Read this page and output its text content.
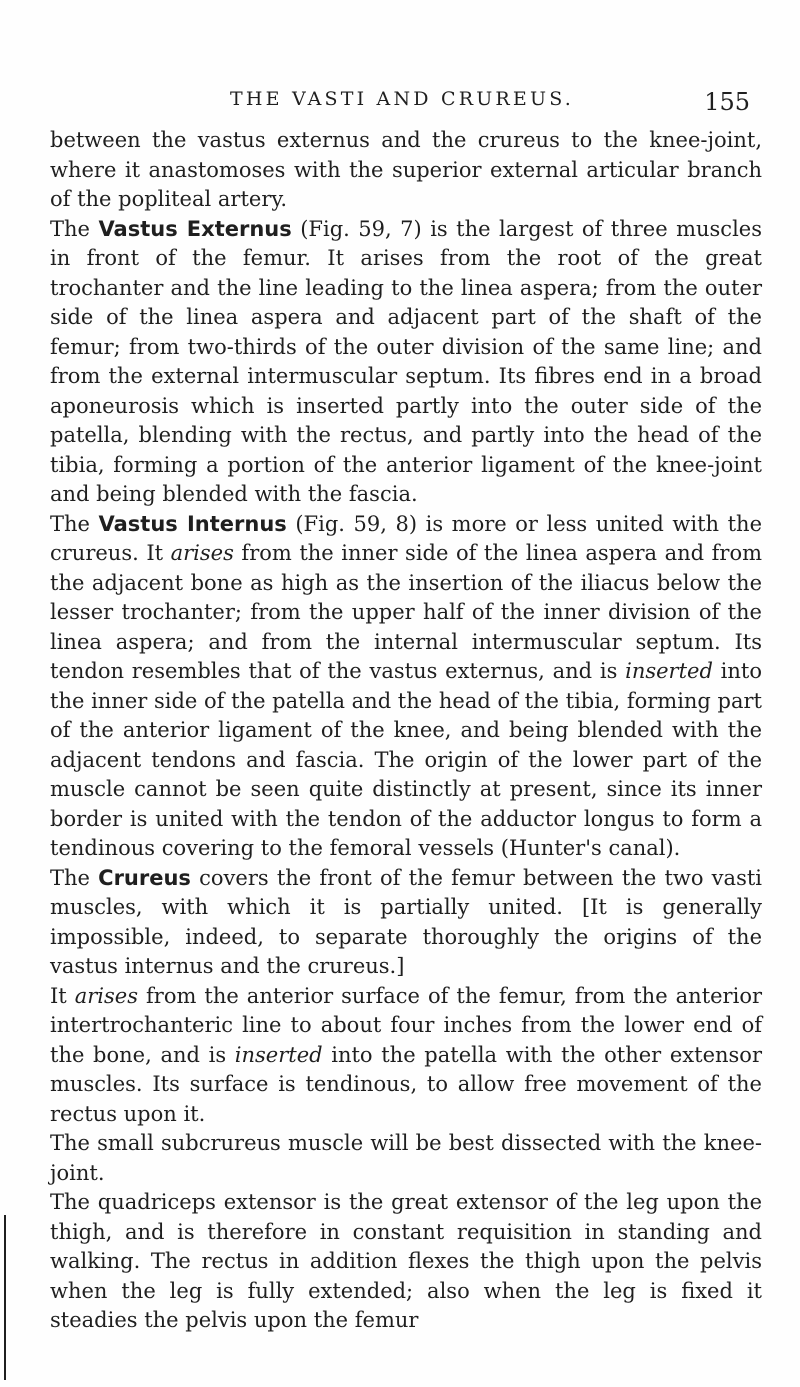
THE VASTI AND CRUREUS.	155

between the vastus externus and the crureus to the knee-joint, where it anastomoses with the superior external articular branch of the popliteal artery.

The Vastus Externus (Fig. 59, 7) is the largest of three muscles in front of the femur. It arises from the root of the great trochanter and the line leading to the linea aspera; from the outer side of the linea aspera and adjacent part of the shaft of the femur; from two-thirds of the outer division of the same line; and from the external intermuscular septum. Its fibres end in a broad aponeurosis which is inserted partly into the outer side of the patella, blending with the rectus, and partly into the head of the tibia, forming a portion of the anterior ligament of the knee-joint and being blended with the fascia.

The Vastus Internus (Fig. 59, 8) is more or less united with the crureus. It arises from the inner side of the linea aspera and from the adjacent bone as high as the insertion of the iliacus below the lesser trochanter; from the upper half of the inner division of the linea aspera; and from the internal intermuscular septum. Its tendon resembles that of the vastus externus, and is inserted into the inner side of the patella and the head of the tibia, forming part of the anterior ligament of the knee, and being blended with the adjacent tendons and fascia. The origin of the lower part of the muscle cannot be seen quite distinctly at present, since its inner border is united with the tendon of the adductor longus to form a tendinous covering to the femoral vessels (Hunter's canal).

The Crureus covers the front of the femur between the two vasti muscles, with which it is partially united. [It is generally impossible, indeed, to separate thoroughly the origins of the vastus internus and the crureus.]

It arises from the anterior surface of the femur, from the anterior intertrochanteric line to about four inches from the lower end of the bone, and is inserted into the patella with the other extensor muscles. Its surface is tendinous, to allow free movement of the rectus upon it.

The small subcrureus muscle will be best dissected with the knee-joint.

The quadriceps extensor is the great extensor of the leg upon the thigh, and is therefore in constant requisition in standing and walking. The rectus in addition flexes the thigh upon the pelvis when the leg is fully extended; also when the leg is fixed it steadies the pelvis upon the femur
